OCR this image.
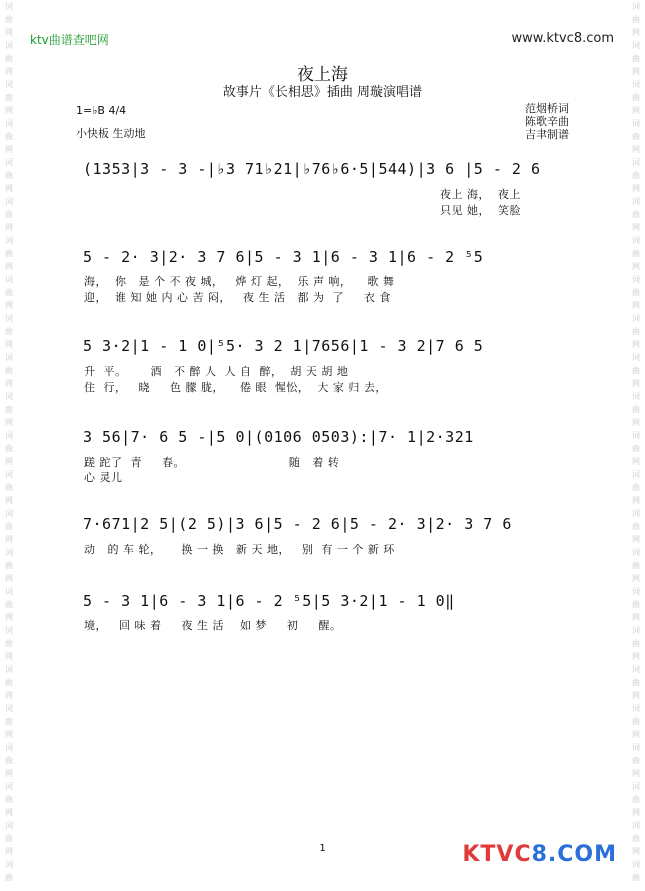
词
曲
网
词
曲
网
词
曲
网
词
曲
网
词
曲
网
词
曲
网
词
曲
网
词
曲
网
词
曲
网
词
曲
网
词
曲
网
词
曲
网
词
曲
网
词
曲
网
词
曲
网
词
曲
网
词
曲
网
词
曲
网
词
曲
网
词
曲
网
词
曲
网
词
曲
网
词
曲
词
曲
网
词
曲
网
词
曲
网
词
曲
网
词
曲
网
词
曲
网
词
曲
网
词
曲
网
词
曲
网
词
曲
网
词
曲
网
词
曲
网
词
曲
网
词
曲
网
词
曲
网
词
曲
网
词
曲
网
词
曲
网
词
曲
网
词
曲
网
词
曲
网
词
曲
网
词
曲
ktv曲谱查吧网	www.ktvc8.com
夜上海
故事片《长相思》插曲 周璇演唱谱
1=♭B 4/4
小快板 生动地
范烟桥词
陈歌辛曲
吉聿制谱
(1353|3 - 3 -|♭3 71♭21|♭76♭6·5|544)|3 6 |5 - 2 6
夜上 海，  夜上
只见 她，  笑脸
5 - 2· 3|2· 3 7 6|5 - 3 1|6 - 3 1|6 - 2 ⁵5
海，  你   是 个 不 夜 城，   烨 灯 起，  乐 声 响，    歌 舞
迎，  谁 知 她 内 心 苦 闷，   夜 生 活   都 为  了     衣 食
5 3·2|1 - 1 0|⁵5· 3 2 1|7656|1 - 3 2|7 6 5
升  平。      酒   不 醉 人  人 自  醉，  胡 天 胡 地
住  行，   晓     色 朦 胧，    倦 眼  惺忪，  大 家 归 去，
3 56|7· 6 5 -|5 0|(0106 0503):|7· 1|2·321
蹉 跎了  青     春。                          随   着 转
心 灵儿
7·671|2 5|(2 5)|3 6|5 - 2 6|5 - 2· 3|2· 3 7 6
动   的 车 轮，     换 一 换   新 天 地，   别  有 一 个 新 环
5 - 3 1|6 - 3 1|6 - 2 ⁵5|5 3·2|1 - 1 0‖
境，   回 味 着     夜 生 活    如 梦     初     醒。
1	KTVC8.COM
